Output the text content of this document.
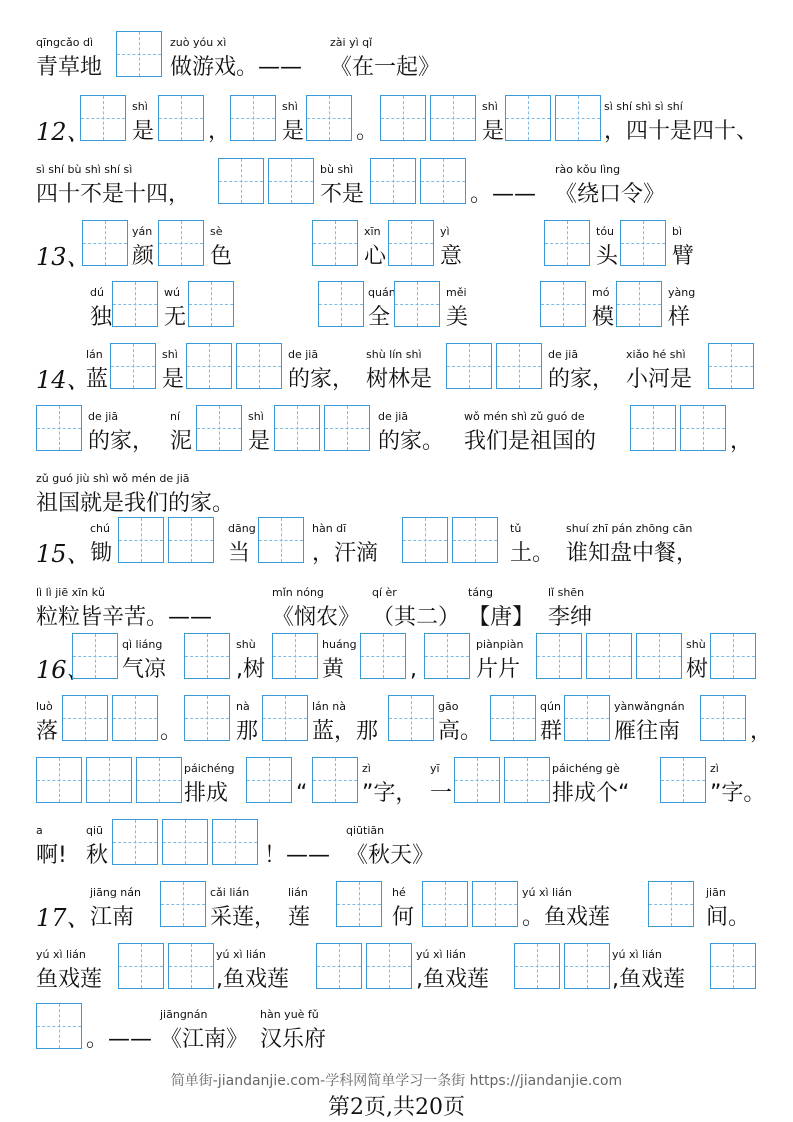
qīngcǎo dì
青草地
zuò yóu xì
做游戏。——
zài yì qǐ
《在一起》
12、
shì
是 ，
shì
是 。
shì
是
sì shí shì sì shí
，四十是四十、
sì shí bù shì shí sì
四十不是十四，
bù shì
不是	。——
rào kǒu lìng
《绕口令》
13、
yán
颜
sè
色
xīn
心
yì
意
tóu
头
bì
臂
dú
独
wú
无
quán
全
měi
美
mó
模
yàng
样
14、
lán
蓝
shì
是
de jiā
的家，
shù lín shì
树林是
de jiā
的家，
xiǎo hé shì
小河是
de jiā
的家，
ní
泥
shì
是
de jiā
的家。
wǒ mén shì zǔ guó de
我们是祖国的	，
zǔ guó jiù shì wǒ mén de jiā
祖国就是我们的家。
15、
chú
锄
dāng
当
hàn dī
，汗滴
tǔ
土。
shuí zhī pán zhōng cān
谁知盘中餐，
lì lì jiē xīn kǔ
粒粒皆辛苦。——
mǐn nóng
《悯农》
qí èr
（其二）
táng
【唐】
lǐ shēn
李绅
16、
qì liáng
气凉
shù
,树
huáng
黄	,
piànpiàn
片片
shù
树
luò
落	。
nà
那
lán nà
蓝，那
gāo
高。
qún
群
yànwǎngnán
雁往南	，
páichéng
排成	“
zì
”字，
yī
一
páichéng gè
排成个“
zì
”字。
a
啊!
qiū
秋	！——
qiūtiān
《秋天》
17、
jiāng nán
江南
cǎi lián
采莲，
lián
莲
hé
何
yú xì lián
。鱼戏莲
jiān
间。
yú xì lián
鱼戏莲
yú xì lián
,鱼戏莲
yú xì lián
,鱼戏莲
yú xì lián
,鱼戏莲
。——
jiāngnán
《江南》
hàn yuè fǔ
汉乐府
简单街-jiandanjie.com-学科网简单学习一条街 https://jiandanjie.com
第2页,共20页
